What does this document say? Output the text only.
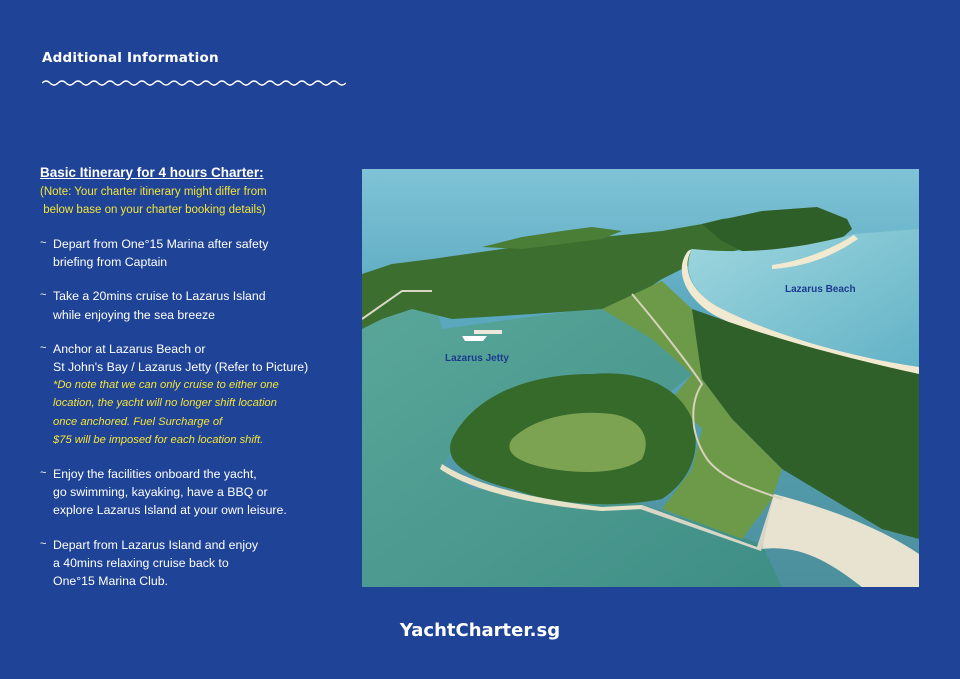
Additional Information
Basic Itinerary for 4 hours Charter:
(Note: Your charter itinerary might differ from
below base on your charter booking details)
~ Depart from One°15 Marina after safety
briefing from Captain
~ Take a 20mins cruise to Lazarus Island
while enjoying the sea breeze
~ Anchor at Lazarus Beach or
St John's Bay / Lazarus Jetty (Refer to Picture)
*Do note that we can only cruise to either one
location, the yacht will no longer shift location
once anchored. Fuel Surcharge of
$75 will be imposed for each location shift.
~ Enjoy the facilities onboard the yacht,
go swimming, kayaking, have a BBQ or
explore Lazarus Island at your own leisure.
~ Depart from Lazarus Island and enjoy
a 40mins relaxing cruise back to
One°15 Marina Club.
Lazarus Beach
Lazarus Jetty
YachtCharter.sg
